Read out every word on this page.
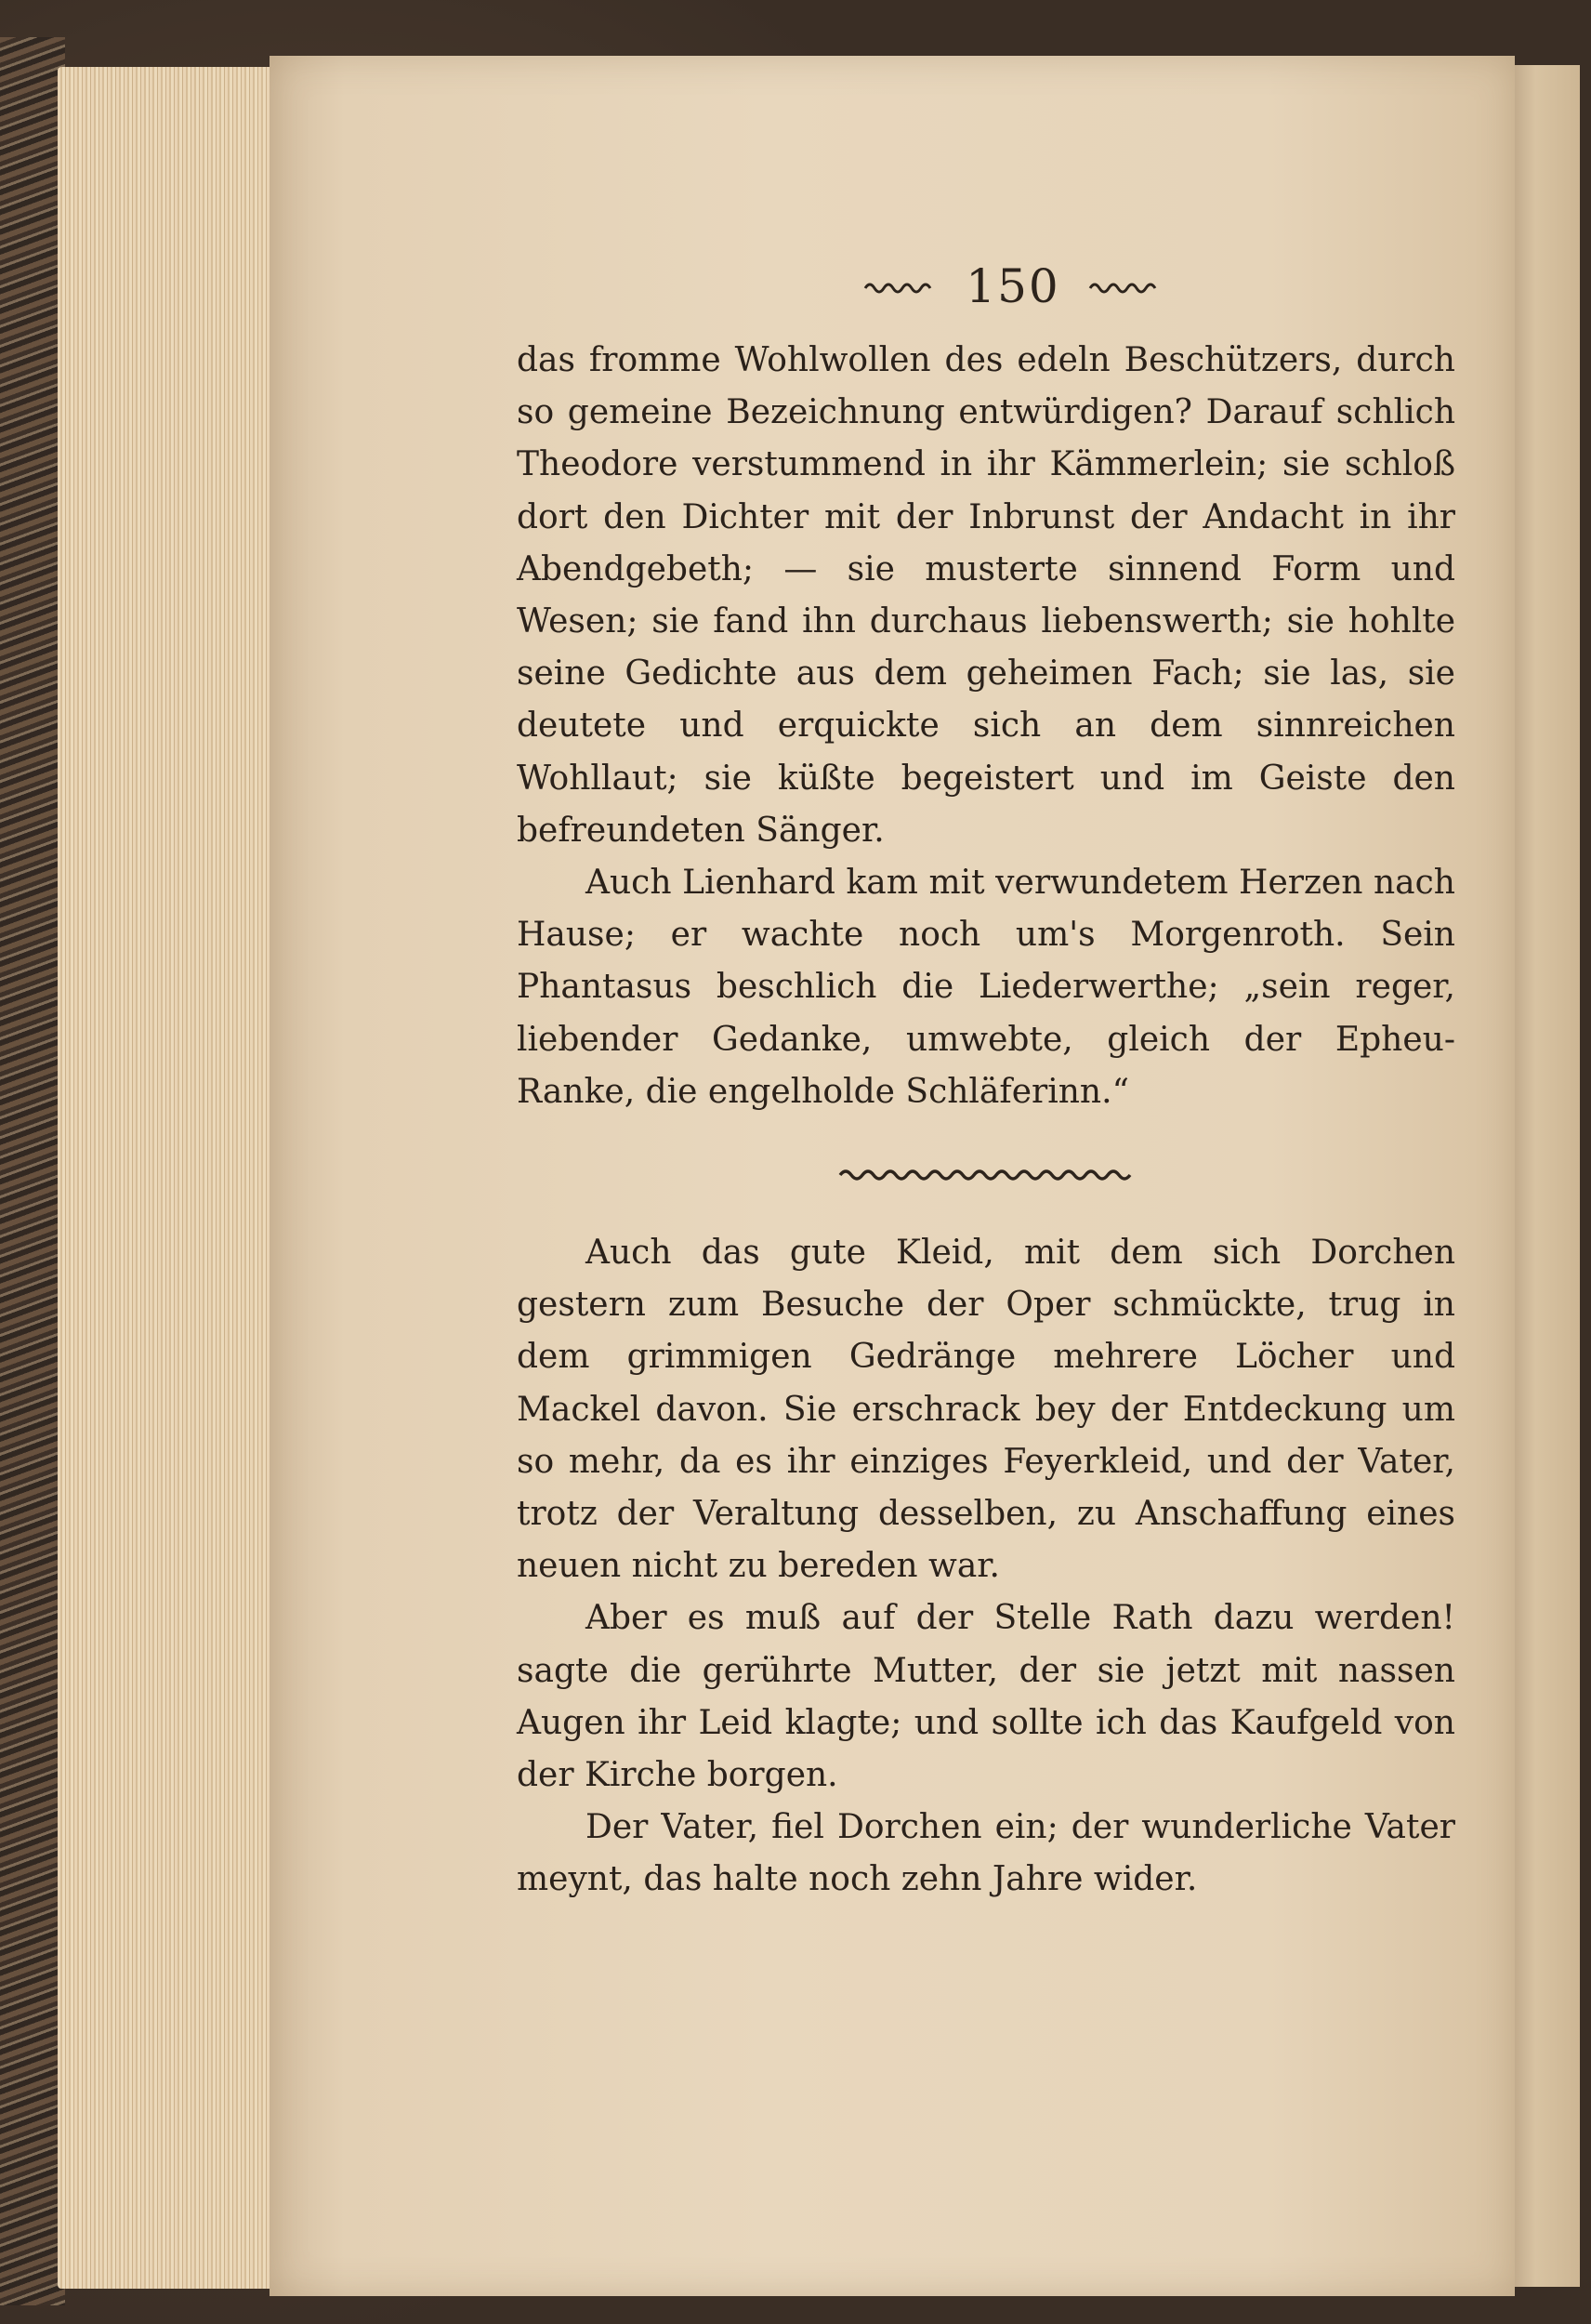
150

das fromme Wohlwollen des edeln Beschützers, durch so gemeine Bezeichnung entwürdigen? Darauf schlich Theodore verstummend in ihr Kämmerlein; sie schloß dort den Dichter mit der Inbrunst der Andacht in ihr Abendgebeth; — sie musterte sinnend Form und Wesen; sie fand ihn durchaus liebenswerth; sie hohlte seine Gedichte aus dem geheimen Fach; sie las, sie deutete und erquickte sich an dem sinnreichen Wohllaut; sie küßte begeistert und im Geiste den befreundeten Sänger.

Auch Lienhard kam mit verwundetem Herzen nach Hause; er wachte noch um's Morgenroth. Sein Phantasus beschlich die Liederwerthe; „sein reger, liebender Gedanke, umwebte, gleich der Epheu-Ranke, die engelholde Schläferinn.“

Auch das gute Kleid, mit dem sich Dorchen gestern zum Besuche der Oper schmückte, trug in dem grimmigen Gedränge mehrere Löcher und Mackel davon. Sie erschrack bey der Entdeckung um so mehr, da es ihr einziges Feyerkleid, und der Vater, trotz der Veraltung desselben, zu Anschaffung eines neuen nicht zu bereden war.

Aber es muß auf der Stelle Rath dazu werden! sagte die gerührte Mutter, der sie jetzt mit nassen Augen ihr Leid klagte; und sollte ich das Kaufgeld von der Kirche borgen.

Der Vater, fiel Dorchen ein; der wunderliche Vater meynt, das halte noch zehn Jahre wider.
